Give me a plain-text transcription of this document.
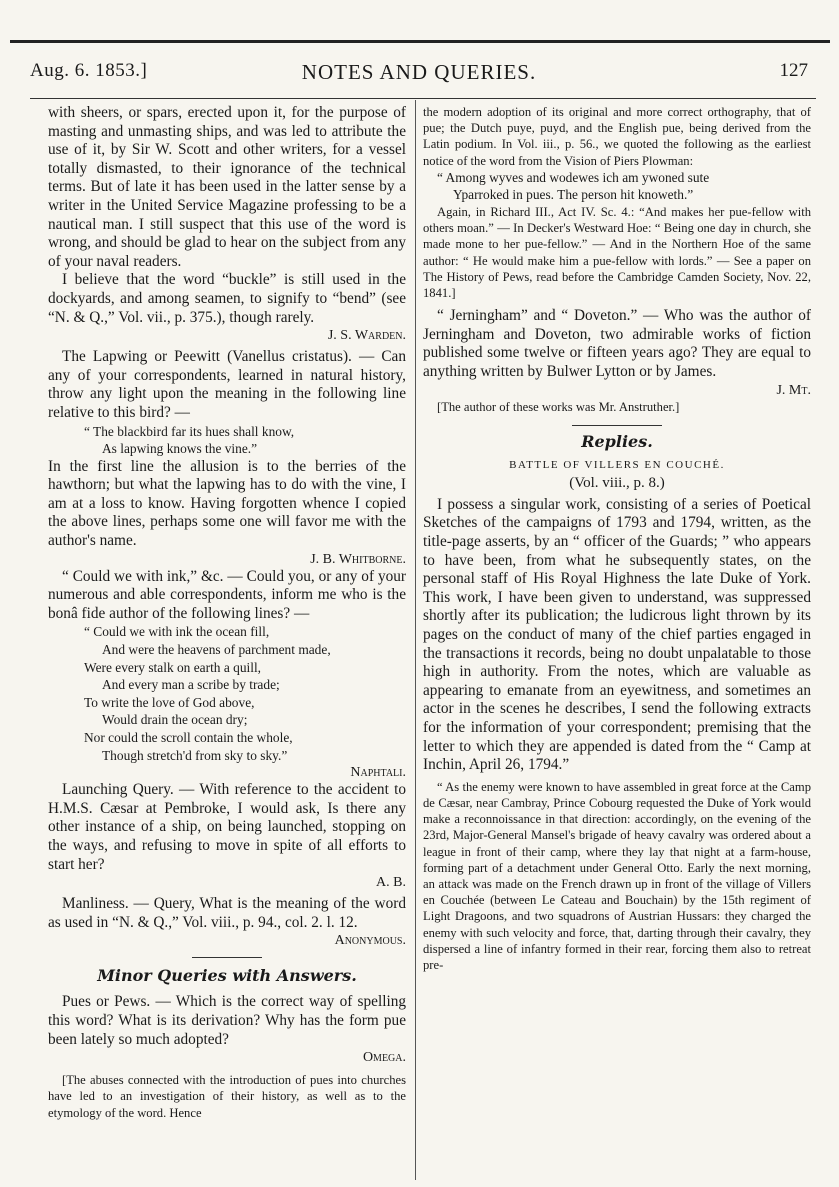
Aug. 6. 1853.]	NOTES AND QUERIES.	127

with sheers, or spars, erected upon it, for the purpose of masting and unmasting ships, and was led to attribute the use of it, by Sir W. Scott and other writers, for a vessel totally dismasted, to their ignorance of the technical terms. But of late it has been used in the latter sense by a writer in the United Service Magazine professing to be a nautical man. I still suspect that this use of the word is wrong, and should be glad to hear on the subject from any of your naval readers.

I believe that the word “buckle” is still used in the dockyards, and among seamen, to signify to “bend” (see “N. & Q.,” Vol. vii., p. 375.), though rarely.

J. S. Warden.

The Lapwing or Peewitt (Vanellus cristatus). — Can any of your correspondents, learned in natural history, throw any light upon the meaning in the following line relative to this bird? —

“ The blackbird far its hues shall know,
As lapwing knows the vine.”

In the first line the allusion is to the berries of the hawthorn; but what the lapwing has to do with the vine, I am at a loss to know. Having forgotten whence I copied the above lines, perhaps some one will favor me with the author's name.

J. B. Whitborne.

“ Could we with ink,” &c. — Could you, or any of your numerous and able correspondents, inform me who is the bonâ fide author of the following lines? —

“ Could we with ink the ocean fill,
And were the heavens of parchment made,
Were every stalk on earth a quill,
And every man a scribe by trade;
To write the love of God above,
Would drain the ocean dry;
Nor could the scroll contain the whole,
Though stretch'd from sky to sky.”
Naphtali.

Launching Query. — With reference to the accident to H.M.S. Cæsar at Pembroke, I would ask, Is there any other instance of a ship, on being launched, stopping on the ways, and refusing to move in spite of all efforts to start her?

A. B.

Manliness. — Query, What is the meaning of the word as used in “N. & Q.,” Vol. viii., p. 94., col. 2. l. 12.

Anonymous.
Minor Queries with Answers.

Pues or Pews. — Which is the correct way of spelling this word? What is its derivation? Why has the form pue been lately so much adopted?

Omega.

[The abuses connected with the introduction of pues into churches have led to an investigation of their history, as well as to the etymology of the word. Hence

the modern adoption of its original and more correct orthography, that of pue; the Dutch puye, puyd, and the English pue, being derived from the Latin podium. In Vol. iii., p. 56., we quoted the following as the earliest notice of the word from the Vision of Piers Plowman:

“ Among wyves and wodewes ich am ywoned sute
Yparroked in pues. The person hit knoweth.”

Again, in Richard III., Act IV. Sc. 4.: “And makes her pue-fellow with others moan.” — In Decker's Westward Hoe: “ Being one day in church, she made mone to her pue-fellow.” — And in the Northern Hoe of the same author: “ He would make him a pue-fellow with lords.” — See a paper on The History of Pews, read before the Cambridge Camden Society, Nov. 22, 1841.]

“ Jerningham” and “ Doveton.” — Who was the author of Jerningham and Doveton, two admirable works of fiction published some twelve or fifteen years ago? They are equal to anything written by Bulwer Lytton or by James.

J. Mt.

[The author of these works was Mr. Anstruther.]

Replies.
BATTLE OF VILLERS EN COUCHÉ.
(Vol. viii., p. 8.)

I possess a singular work, consisting of a series of Poetical Sketches of the campaigns of 1793 and 1794, written, as the title-page asserts, by an “ officer of the Guards; ” who appears to have been, from what he subsequently states, on the personal staff of His Royal Highness the late Duke of York. This work, I have been given to understand, was suppressed shortly after its publication; the ludicrous light thrown by its pages on the conduct of many of the chief parties engaged in the transactions it records, being no doubt unpalatable to those high in authority. From the notes, which are valuable as appearing to emanate from an eyewitness, and sometimes an actor in the scenes he describes, I send the following extracts for the information of your correspondent; premising that the letter to which they are appended is dated from the “ Camp at Inchin, April 26, 1794.”

“ As the enemy were known to have assembled in great force at the Camp de Cæsar, near Cambray, Prince Cobourg requested the Duke of York would make a reconnoissance in that direction: accordingly, on the evening of the 23rd, Major-General Mansel's brigade of heavy cavalry was ordered about a league in front of their camp, where they lay that night at a farm-house, forming part of a detachment under General Otto. Early the next morning, an attack was made on the French drawn up in front of the village of Villers en Couchée (between Le Cateau and Bouchain) by the 15th regiment of Light Dragoons, and two squadrons of Austrian Hussars: they charged the enemy with such velocity and force, that, darting through their cavalry, they dispersed a line of infantry formed in their rear, forcing them also to retreat pre-
